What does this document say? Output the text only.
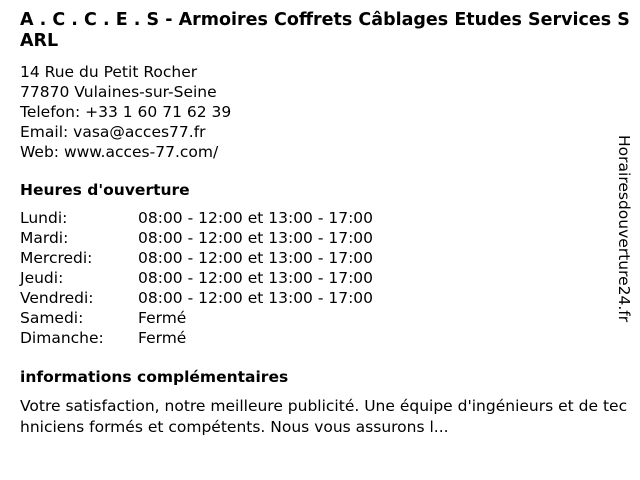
A . C . C . E . S - Armoires Coffrets Câblages Etudes Services SARL
14 Rue du Petit Rocher
77870 Vulaines-sur-Seine
Telefon: +33 1 60 71 62 39
Email: vasa@acces77.fr
Web: www.acces-77.com/
Heures d'ouverture
Lundi:	08:00 - 12:00 et 13:00 - 17:00
Mardi:	08:00 - 12:00 et 13:00 - 17:00
Mercredi:	08:00 - 12:00 et 13:00 - 17:00
Jeudi:	08:00 - 12:00 et 13:00 - 17:00
Vendredi:	08:00 - 12:00 et 13:00 - 17:00
Samedi:	Fermé
Dimanche:	Fermé
informations complémentaires
Votre satisfaction, notre meilleure publicité. Une équipe d'ingénieurs et de techniciens formés et compétents. Nous vous assurons l...
Horairesdouverture24.fr
